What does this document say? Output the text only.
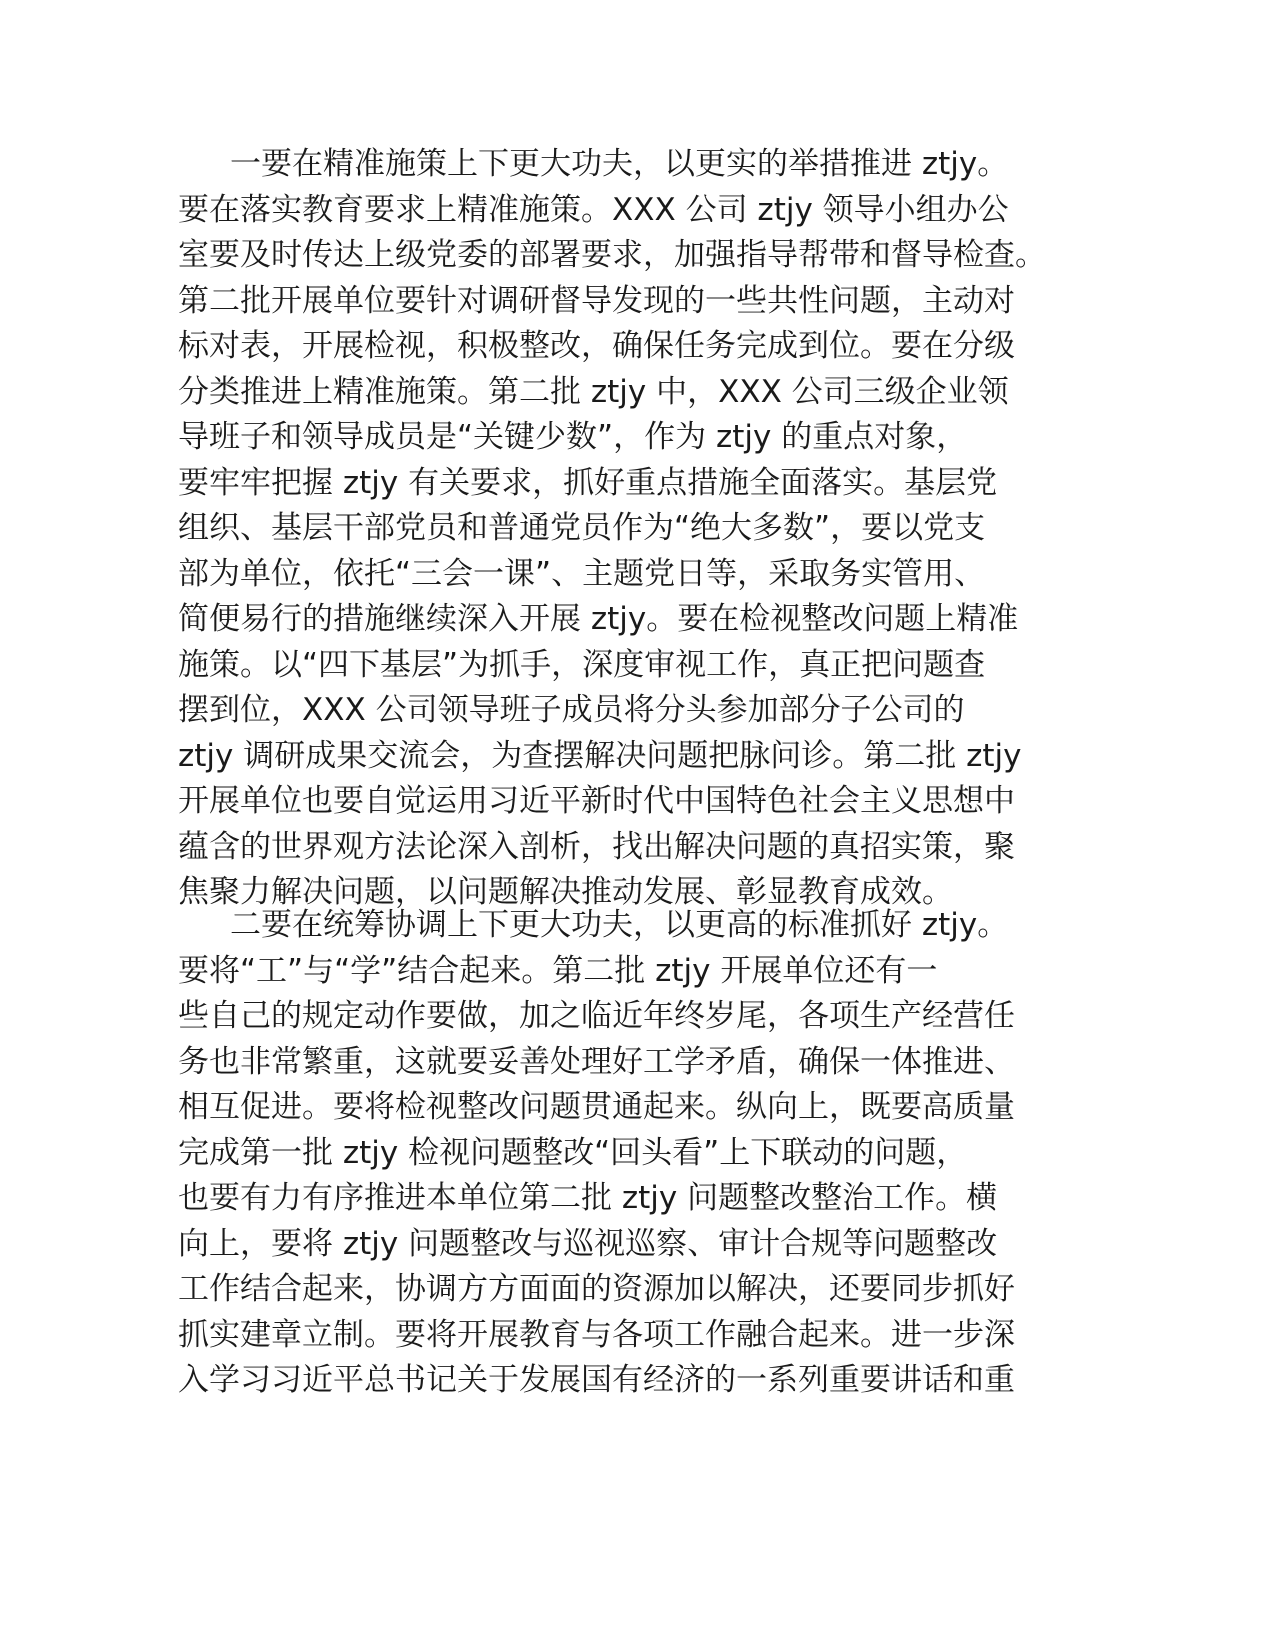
一要在精准施策上下更大功夫，以更实的举措推进 ztjy。
要在落实教育要求上精准施策。XXX 公司 ztjy 领导小组办公
室要及时传达上级党委的部署要求，加强指导帮带和督导检查。
第二批开展单位要针对调研督导发现的一些共性问题，主动对
标对表，开展检视，积极整改，确保任务完成到位。要在分级
分类推进上精准施策。第二批 ztjy 中，XXX 公司三级企业领
导班子和领导成员是“关键少数”，作为 ztjy 的重点对象，
要牢牢把握 ztjy 有关要求，抓好重点措施全面落实。基层党
组织、基层干部党员和普通党员作为“绝大多数”，要以党支
部为单位，依托“三会一课”、主题党日等，采取务实管用、
简便易行的措施继续深入开展 ztjy。要在检视整改问题上精准
施策。以“四下基层”为抓手，深度审视工作，真正把问题查
摆到位，XXX 公司领导班子成员将分头参加部分子公司的
ztjy 调研成果交流会，为查摆解决问题把脉问诊。第二批 ztjy
开展单位也要自觉运用习近平新时代中国特色社会主义思想中
蕴含的世界观方法论深入剖析，找出解决问题的真招实策，聚
焦聚力解决问题，以问题解决推动发展、彰显教育成效。
二要在统筹协调上下更大功夫，以更高的标准抓好 ztjy。
要将“工”与“学”结合起来。第二批 ztjy 开展单位还有一
些自己的规定动作要做，加之临近年终岁尾，各项生产经营任
务也非常繁重，这就要妥善处理好工学矛盾，确保一体推进、
相互促进。要将检视整改问题贯通起来。纵向上，既要高质量
完成第一批 ztjy 检视问题整改“回头看”上下联动的问题，
也要有力有序推进本单位第二批 ztjy 问题整改整治工作。横
向上，要将 ztjy 问题整改与巡视巡察、审计合规等问题整改
工作结合起来，协调方方面面的资源加以解决，还要同步抓好
抓实建章立制。要将开展教育与各项工作融合起来。进一步深
入学习习近平总书记关于发展国有经济的一系列重要讲话和重
